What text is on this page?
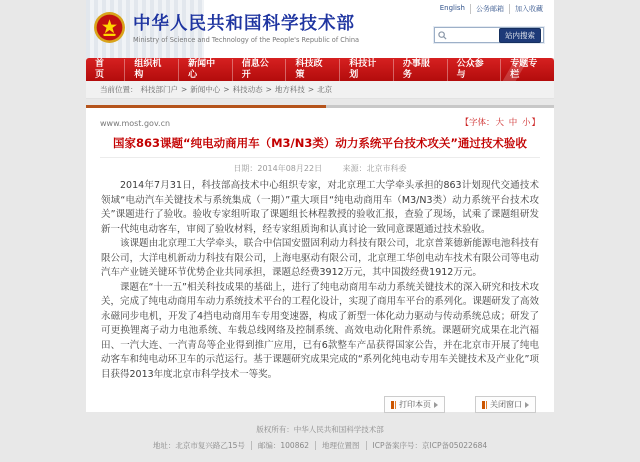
English	公务邮箱	加入收藏
中华人民共和国科学技术部
Ministry of Science and Technology of the People's Republic of China
站内搜索
首 页
组织机构
新闻中心
信息公开
科技政策
科技计划
办事服务
公众参与
专题专栏
当前位置： 科技部门户 > 新闻中心 > 科技动态 > 地方科技 > 北京
www.most.gov.cn	【字体：大 中 小】
国家863课题“纯电动商用车（M3/N3类）动力系统平台技术攻关”通过技术验收
日期：2014年08月22日	来源：北京市科委

2014年7月31日，科技部高技术中心组织专家，对北京理工大学牵头承担的863计划现代交通技术领域“电动汽车关键技术与系统集成（一期）”重大项目“纯电动商用车（M3/N3类）动力系统平台技术攻关”课题进行了验收。验收专家组听取了课题组长林程教授的验收汇报，查验了现场，试乘了课题组研发新一代纯电动客车，审阅了验收材料，经专家组质询和认真讨论一致同意课题通过技术验收。

该课题由北京理工大学牵头，联合中信国安盟固利动力科技有限公司，北京普莱德新能源电池科技有限公司，大洋电机新动力科技有限公司，上海电驱动有限公司，北京理工华创电动车技术有限公司等电动汽车产业链关键环节优势企业共同承担，课题总经费3912万元，其中国拨经费1912万元。

课题在“十一五”相关科技成果的基础上，进行了纯电动商用车动力系统关键技术的深入研究和技术攻关，完成了纯电动商用车动力系统技术平台的工程化设计，实现了商用车平台的系列化。课题研发了高效永磁同步电机，开发了4挡电动商用车专用变速器，构成了新型一体化动力驱动与传动系统总成；研发了可更换锂离子动力电池系统、车载总线网络及控制系统、高效电动化附件系统。课题研究成果在北汽福田、一汽大连、一汽青岛等企业得到推广应用，已有6款整车产品获得国家公告，并在北京市开展了纯电动客车和纯电动环卫车的示范运行。基于课题研究成果完成的“系列化纯电动专用车关键技术及产业化”项目获得2013年度北京市科学技术一等奖。

打印本页	关闭窗口
版权所有：中华人民共和国科学技术部
地址：北京市复兴路乙15号 邮编：100862 地理位置图 ICP备案序号：京ICP备05022684
